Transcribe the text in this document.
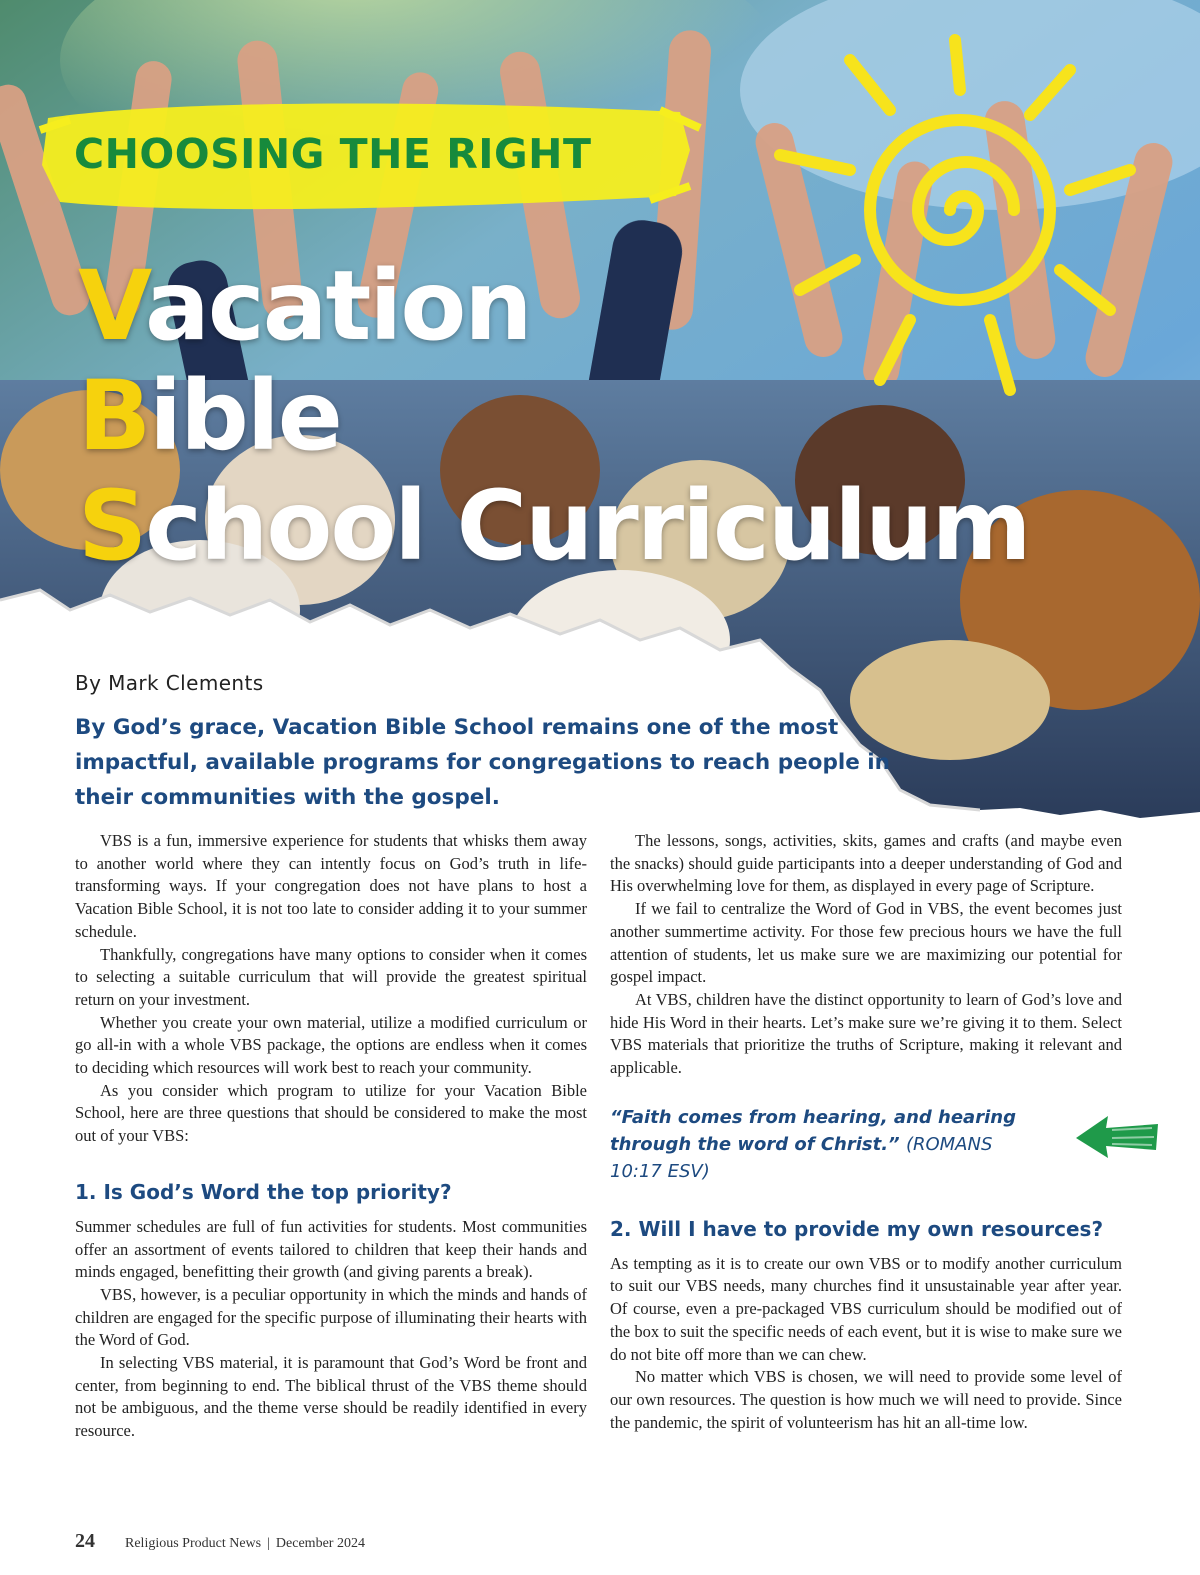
CHOOSING THE RIGHT
Vacation
Bible
School Curriculum
By Mark Clements
By God’s grace, Vacation Bible School remains one of the most impactful, available programs for congregations to reach people in their communities with the gospel.

VBS is a fun, immersive experience for students that whisks them away to another world where they can intently focus on God’s truth in life-transforming ways. If your congregation does not have plans to host a Vacation Bible School, it is not too late to consider adding it to your summer schedule.

Thankfully, congregations have many options to consider when it comes to selecting a suitable curriculum that will provide the greatest spiritual return on your investment.

Whether you create your own material, utilize a modified curriculum or go all-in with a whole VBS package, the options are endless when it comes to deciding which resources will work best to reach your community.

As you consider which program to utilize for your Vacation Bible School, here are three questions that should be considered to make the most out of your VBS:

1. Is God’s Word the top priority?

Summer schedules are full of fun activities for students. Most communities offer an assortment of events tailored to children that keep their hands and minds engaged, benefitting their growth (and giving parents a break).

VBS, however, is a peculiar opportunity in which the minds and hands of children are engaged for the specific purpose of illuminating their hearts with the Word of God.

In selecting VBS material, it is paramount that God’s Word be front and center, from beginning to end. The biblical thrust of the VBS theme should not be ambiguous, and the theme verse should be readily identified in every resource.

The lessons, songs, activities, skits, games and crafts (and maybe even the snacks) should guide participants into a deeper understanding of God and His overwhelming love for them, as displayed in every page of Scripture.

If we fail to centralize the Word of God in VBS, the event becomes just another summertime activity. For those few precious hours we have the full attention of students, let us make sure we are maximizing our potential for gospel impact.

At VBS, children have the distinct opportunity to learn of God’s love and hide His Word in their hearts. Let’s make sure we’re giving it to them. Select VBS materials that prioritize the truths of Scripture, making it relevant and applicable.

“Faith comes from hearing, and hearing through the word of Christ.” (ROMANS 10:17 ESV)
2. Will I have to provide my own resources?

As tempting as it is to create our own VBS or to modify another curriculum to suit our VBS needs, many churches find it unsustainable year after year. Of course, even a pre-packaged VBS curriculum should be modified out of the box to suit the specific needs of each event, but it is wise to make sure we do not bite off more than we can chew.

No matter which VBS is chosen, we will need to provide some level of our own resources. The question is how much we will need to provide. Since the pandemic, the spirit of volunteerism has hit an all-time low.

24 Religious Product News | December 2024
